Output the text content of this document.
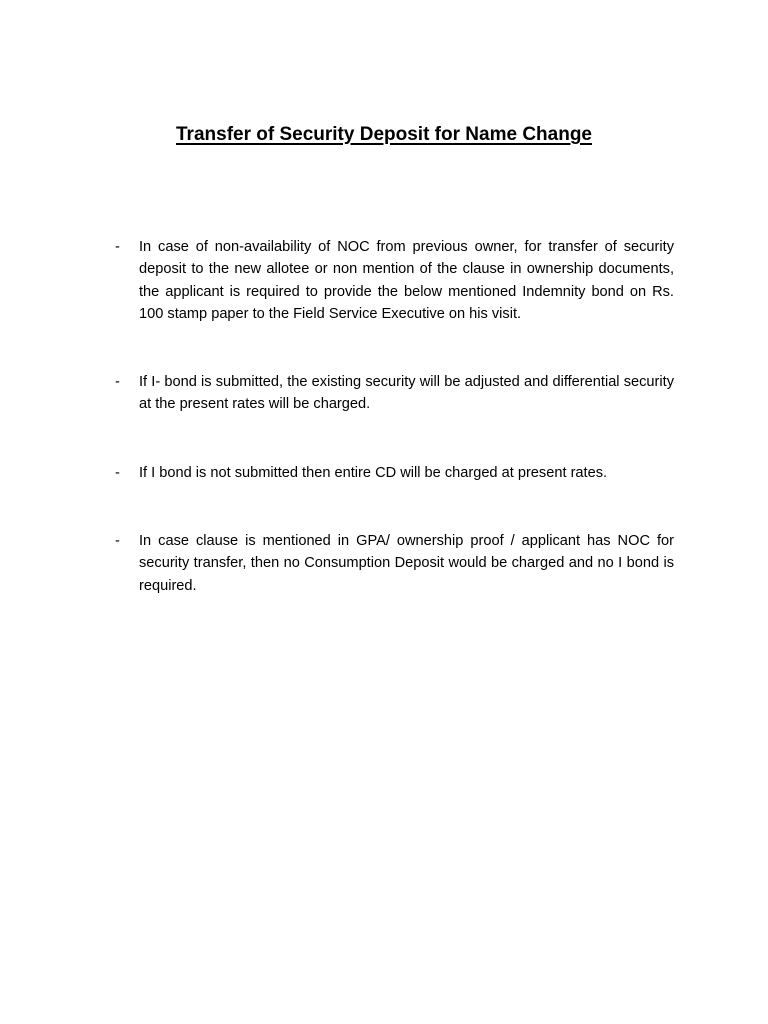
Transfer of Security Deposit for Name Change
- In case of non-availability of NOC from previous owner, for transfer of security deposit to the new allotee or non mention of the clause in ownership documents, the applicant is required to provide the below mentioned Indemnity bond on Rs. 100 stamp paper to the Field Service Executive on his visit.
- If I- bond is submitted, the existing security will be adjusted and differential security at the present rates will be charged.
- If I bond is not submitted then entire CD will be charged at present rates.
- In case clause is mentioned in GPA/ ownership proof / applicant has NOC for security transfer, then no Consumption Deposit would be charged and no I bond is required.
